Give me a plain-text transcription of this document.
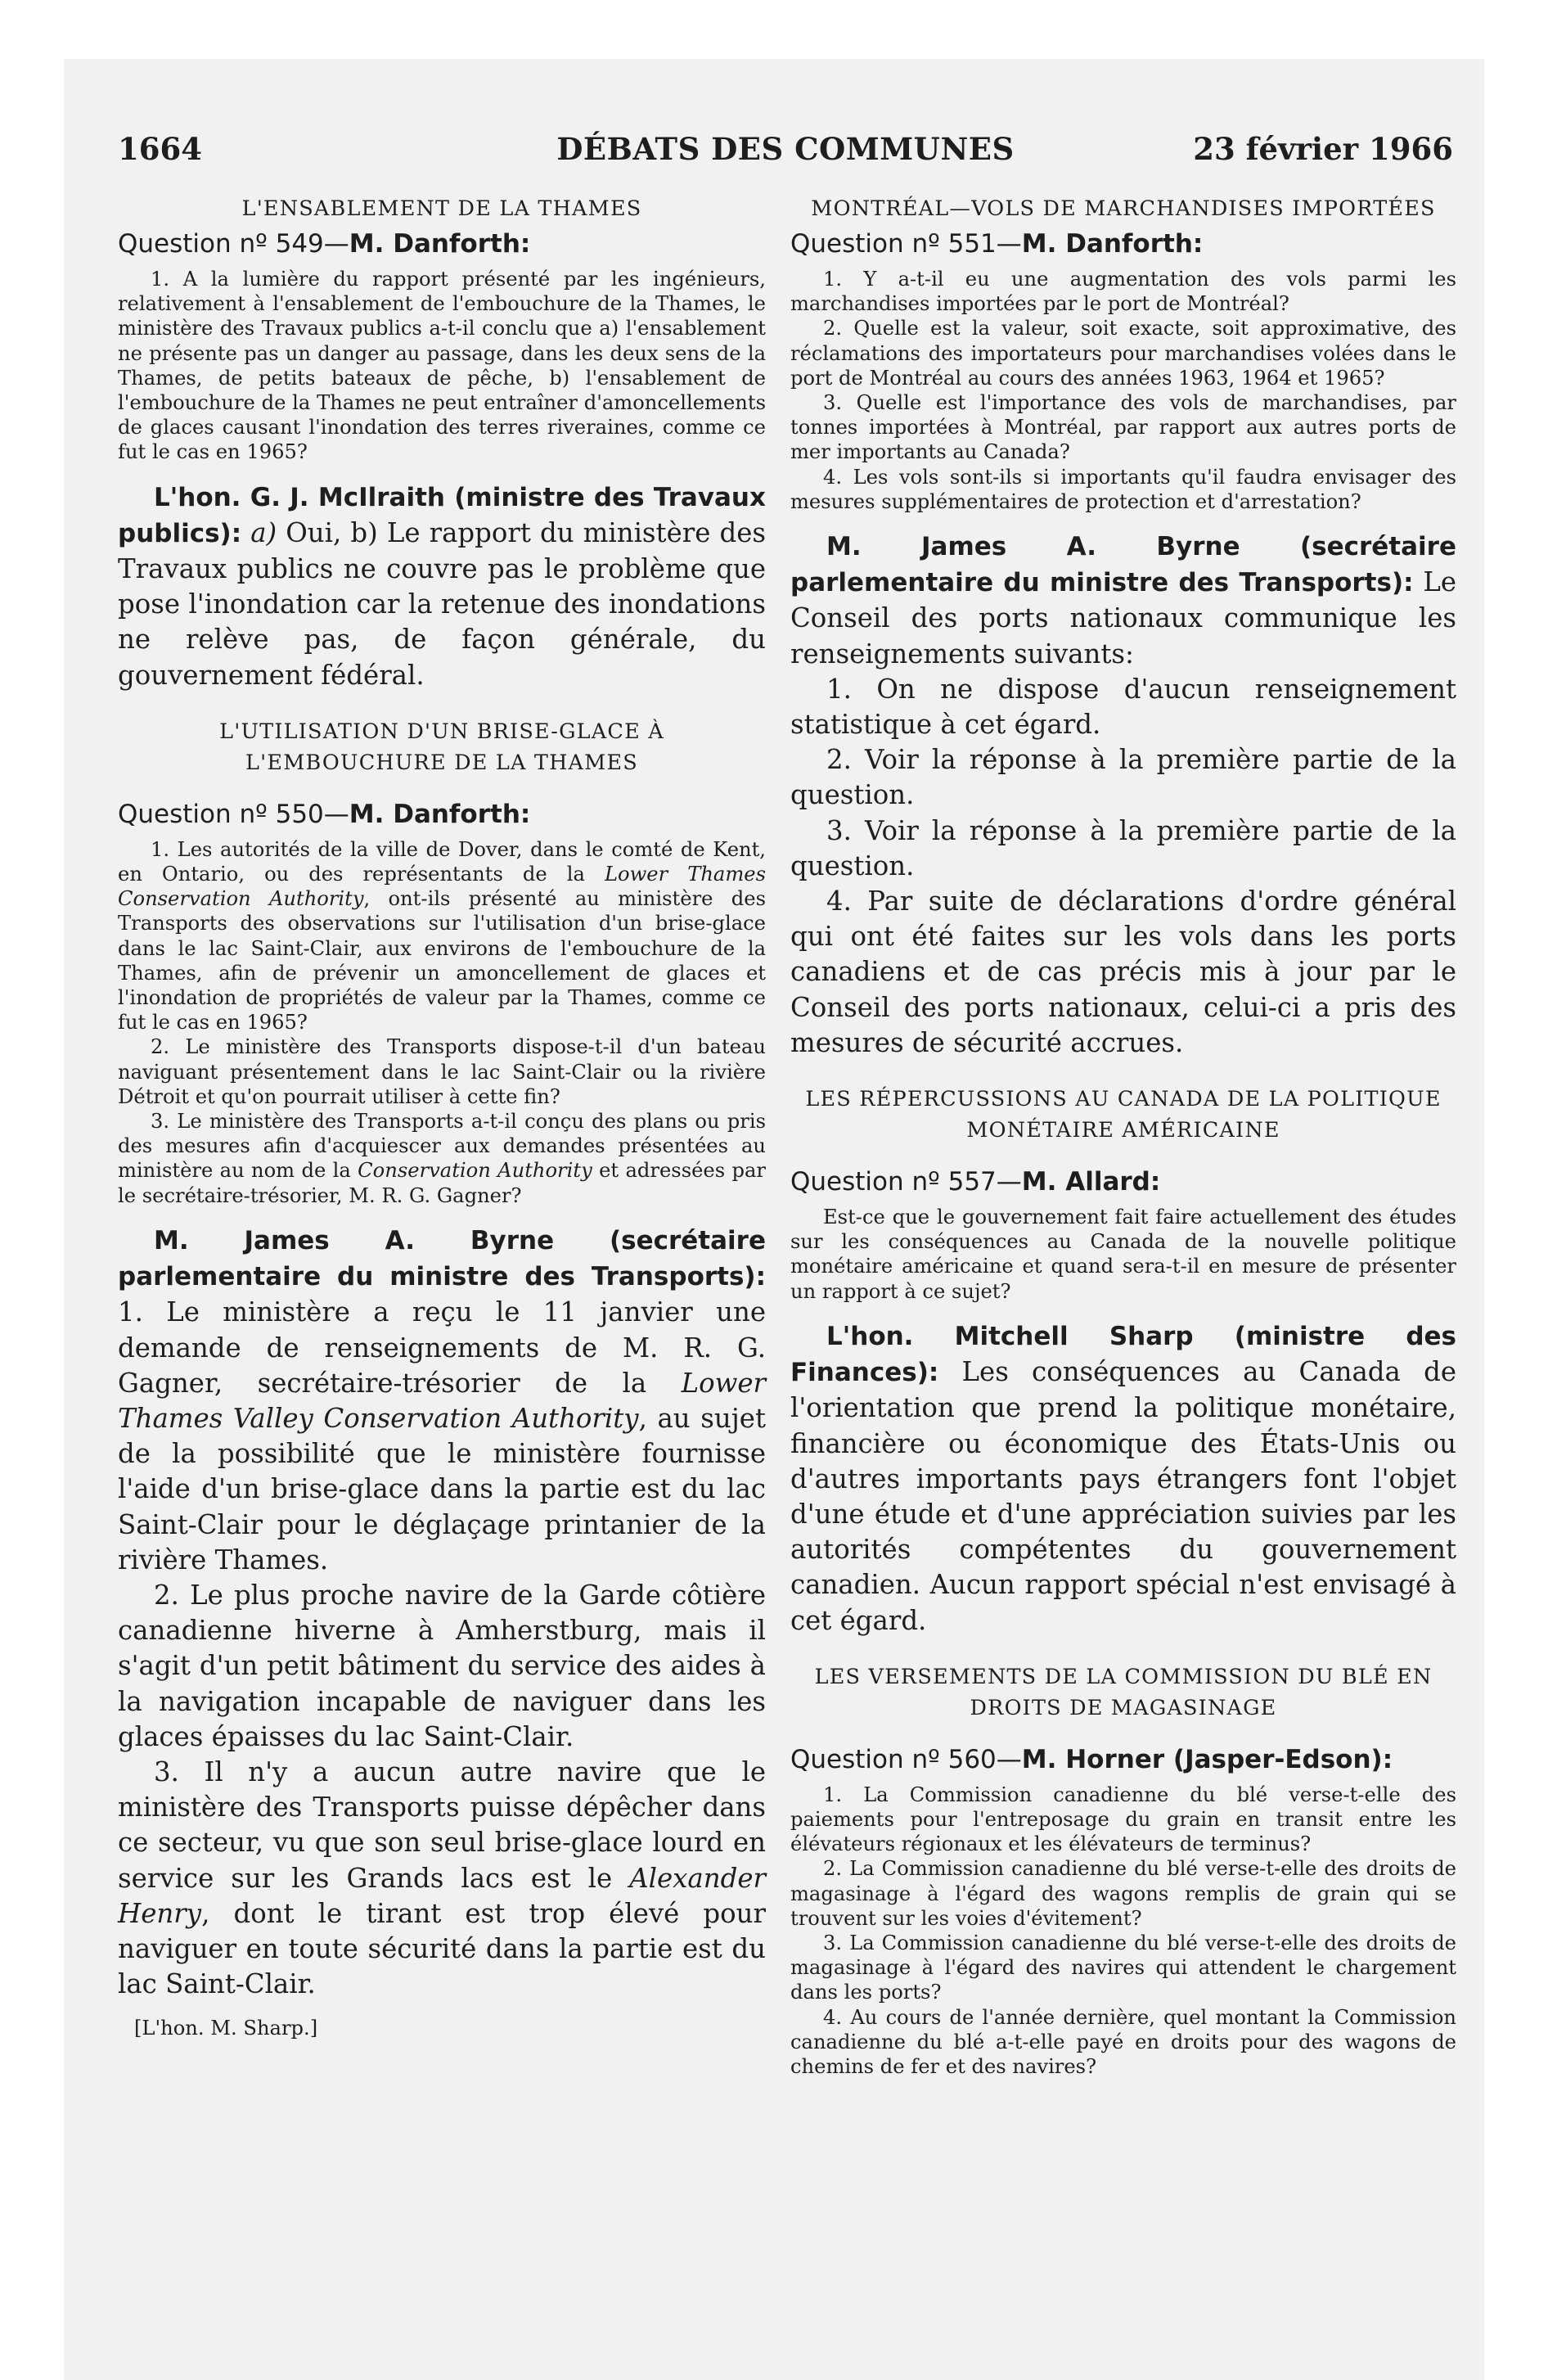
1664	DÉBATS DES COMMUNES	23 février 1966
L'ENSABLEMENT DE LA THAMES
Question nº 549—M. Danforth:

1. A la lumière du rapport présenté par les ingénieurs, relativement à l'ensablement de l'embouchure de la Thames, le ministère des Travaux publics a-t-il conclu que a) l'ensablement ne présente pas un danger au passage, dans les deux sens de la Thames, de petits bateaux de pêche, b) l'ensablement de l'embouchure de la Thames ne peut entraîner d'amoncellements de glaces causant l'inondation des terres riveraines, comme ce fut le cas en 1965?

L'hon. G. J. McIlraith (ministre des Travaux publics): a) Oui, b) Le rapport du ministère des Travaux publics ne couvre pas le problème que pose l'inondation car la retenue des inondations ne relève pas, de façon générale, du gouvernement fédéral.

L'UTILISATION D'UN BRISE-GLACE À L'EMBOUCHURE DE LA THAMES
Question nº 550—M. Danforth:

1. Les autorités de la ville de Dover, dans le comté de Kent, en Ontario, ou des représentants de la Lower Thames Conservation Authority, ont-ils présenté au ministère des Transports des observations sur l'utilisation d'un brise-glace dans le lac Saint-Clair, aux environs de l'embouchure de la Thames, afin de prévenir un amoncellement de glaces et l'inondation de propriétés de valeur par la Thames, comme ce fut le cas en 1965?

2. Le ministère des Transports dispose-t-il d'un bateau naviguant présentement dans le lac Saint-Clair ou la rivière Détroit et qu'on pourrait utiliser à cette fin?

3. Le ministère des Transports a-t-il conçu des plans ou pris des mesures afin d'acquiescer aux demandes présentées au ministère au nom de la Conservation Authority et adressées par le secrétaire-trésorier, M. R. G. Gagner?

M. James A. Byrne (secrétaire parlementaire du ministre des Transports): 1. Le ministère a reçu le 11 janvier une demande de renseignements de M. R. G. Gagner, secrétaire-trésorier de la Lower Thames Valley Conservation Authority, au sujet de la possibilité que le ministère fournisse l'aide d'un brise-glace dans la partie est du lac Saint-Clair pour le déglaçage printanier de la rivière Thames.

2. Le plus proche navire de la Garde côtière canadienne hiverne à Amherstburg, mais il s'agit d'un petit bâtiment du service des aides à la navigation incapable de naviguer dans les glaces épaisses du lac Saint-Clair.

3. Il n'y a aucun autre navire que le ministère des Transports puisse dépêcher dans ce secteur, vu que son seul brise-glace lourd en service sur les Grands lacs est le Alexander Henry, dont le tirant est trop élevé pour naviguer en toute sécurité dans la partie est du lac Saint-Clair.

[L'hon. M. Sharp.]
MONTRÉAL—VOLS DE MARCHANDISES IMPORTÉES
Question nº 551—M. Danforth:

1. Y a-t-il eu une augmentation des vols parmi les marchandises importées par le port de Montréal?

2. Quelle est la valeur, soit exacte, soit approximative, des réclamations des importateurs pour marchandises volées dans le port de Montréal au cours des années 1963, 1964 et 1965?

3. Quelle est l'importance des vols de marchandises, par tonnes importées à Montréal, par rapport aux autres ports de mer importants au Canada?

4. Les vols sont-ils si importants qu'il faudra envisager des mesures supplémentaires de protection et d'arrestation?

M. James A. Byrne (secrétaire parlementaire du ministre des Transports): Le Conseil des ports nationaux communique les renseignements suivants:

1. On ne dispose d'aucun renseignement statistique à cet égard.

2. Voir la réponse à la première partie de la question.

3. Voir la réponse à la première partie de la question.

4. Par suite de déclarations d'ordre général qui ont été faites sur les vols dans les ports canadiens et de cas précis mis à jour par le Conseil des ports nationaux, celui-ci a pris des mesures de sécurité accrues.

LES RÉPERCUSSIONS AU CANADA DE LA POLITIQUE MONÉTAIRE AMÉRICAINE
Question nº 557—M. Allard:

Est-ce que le gouvernement fait faire actuellement des études sur les conséquences au Canada de la nouvelle politique monétaire américaine et quand sera-t-il en mesure de présenter un rapport à ce sujet?

L'hon. Mitchell Sharp (ministre des Finances): Les conséquences au Canada de l'orientation que prend la politique monétaire, financière ou économique des États-Unis ou d'autres importants pays étrangers font l'objet d'une étude et d'une appréciation suivies par les autorités compétentes du gouvernement canadien. Aucun rapport spécial n'est envisagé à cet égard.

LES VERSEMENTS DE LA COMMISSION DU BLÉ EN DROITS DE MAGASINAGE
Question nº 560—M. Horner (Jasper-Edson):

1. La Commission canadienne du blé verse-t-elle des paiements pour l'entreposage du grain en transit entre les élévateurs régionaux et les élévateurs de terminus?

2. La Commission canadienne du blé verse-t-elle des droits de magasinage à l'égard des wagons remplis de grain qui se trouvent sur les voies d'évitement?

3. La Commission canadienne du blé verse-t-elle des droits de magasinage à l'égard des navires qui attendent le chargement dans les ports?

4. Au cours de l'année dernière, quel montant la Commission canadienne du blé a-t-elle payé en droits pour des wagons de chemins de fer et des navires?
